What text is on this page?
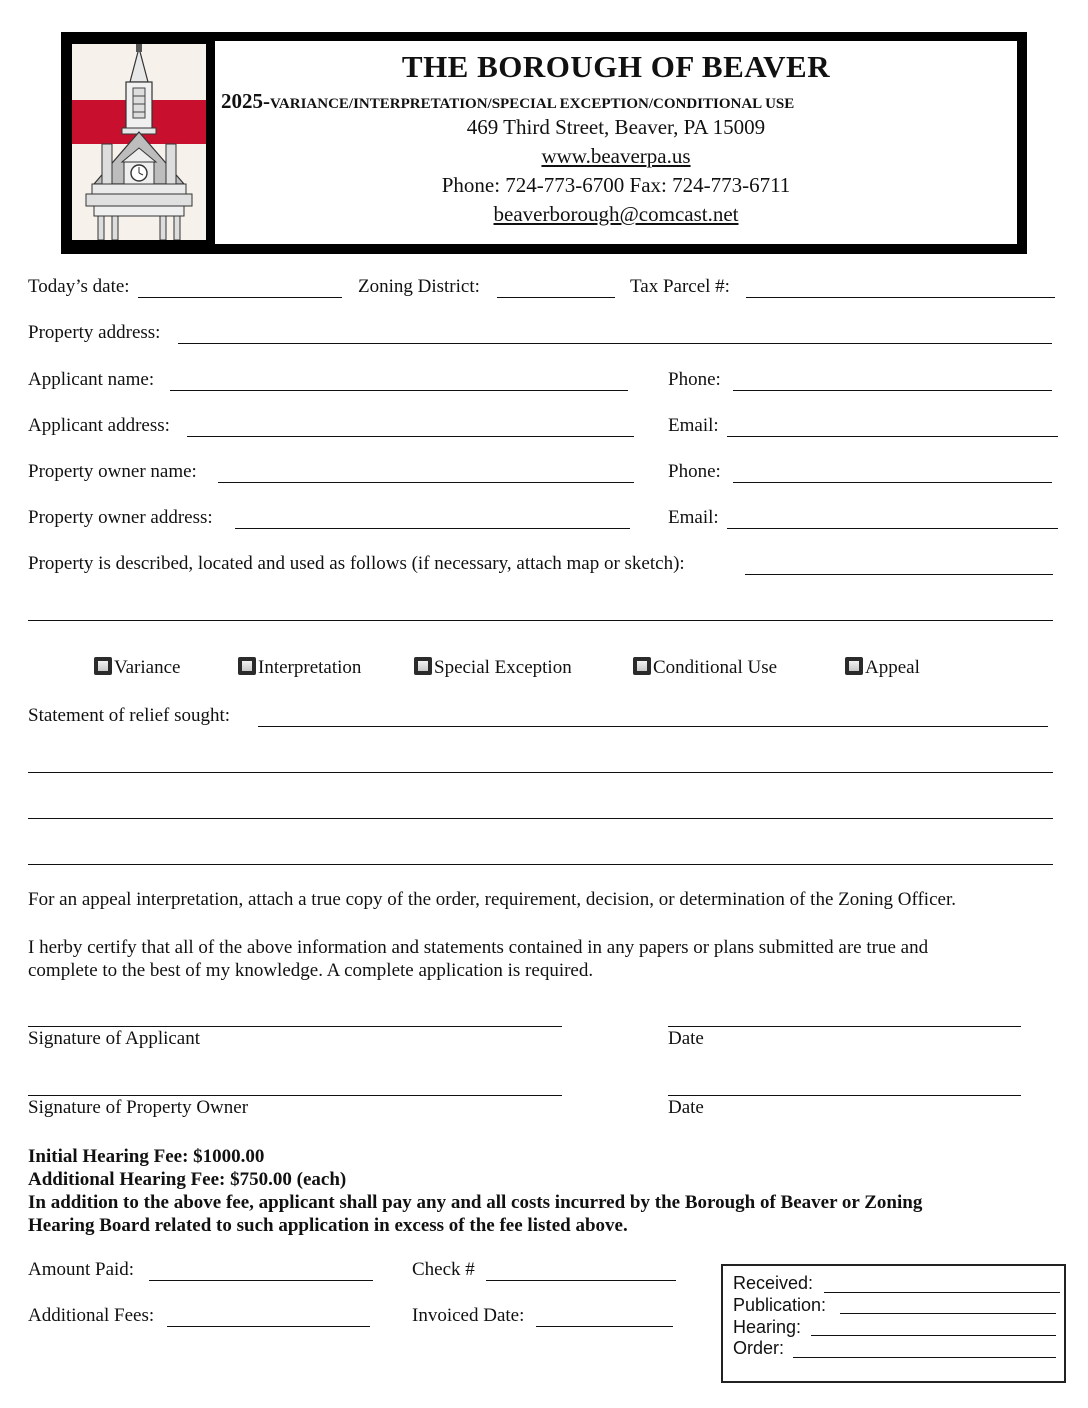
THE BOROUGH OF BEAVER
2025-VARIANCE/INTERPRETATION/SPECIAL EXCEPTION/CONDITIONAL USE
469 Third Street, Beaver, PA 15009
www.beaverpa.us
Phone: 724-773-6700 Fax: 724-773-6711
beaverborough@comcast.net
Today’s date:	Zoning District:	Tax Parcel #:
Property address:
Applicant name:	Phone:
Applicant address:	Email:
Property owner name:	Phone:
Property owner address:	Email:
Property is described, located and used as follows (if necessary, attach map or sketch):
Variance	Interpretation	Special Exception	Conditional Use	Appeal
Statement of relief sought:
For an appeal interpretation, attach a true copy of the order, requirement, decision, or determination of the Zoning Officer.
I herby certify that all of the above information and statements contained in any papers or plans submitted are true and
complete to the best of my knowledge. A complete application is required.
Signature of Applicant	Date
Signature of Property Owner	Date
Initial Hearing Fee: $1000.00
Additional Hearing Fee: $750.00 (each)
In addition to the above fee, applicant shall pay any and all costs incurred by the Borough of Beaver or Zoning
Hearing Board related to such application in excess of the fee listed above.
Amount Paid:	Check #
Additional Fees:	Invoiced Date:
Received:
Publication:
Hearing:
Order:
